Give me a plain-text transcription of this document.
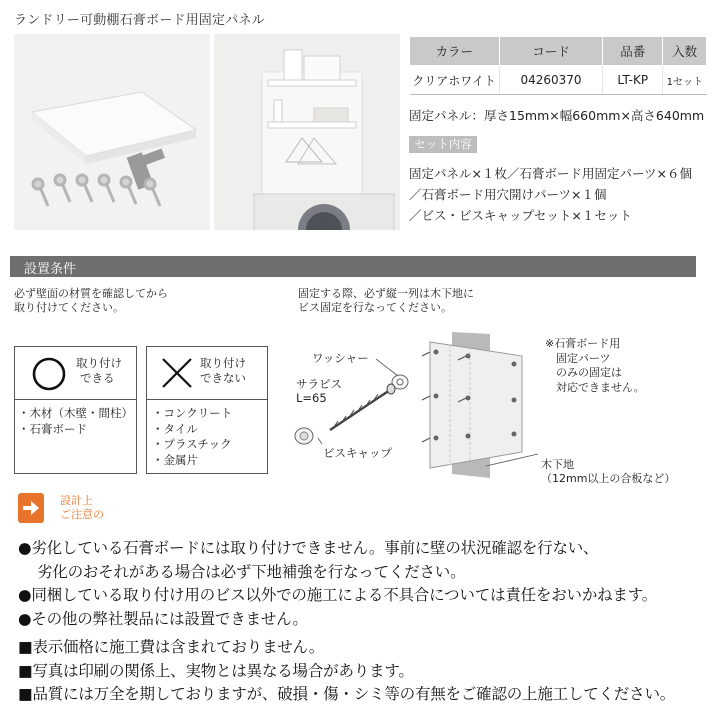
ランドリー可動棚石膏ボード用固定パネル
カラー	コード	品番	入数
クリアホワイト	04260370	LT-KP	1セット
固定パネル：厚さ15mm×幅660mm×高さ640mm
セット内容
固定パネル×１枚／石膏ボード用固定パーツ×６個
／石膏ボード用穴開けパーツ×１個
／ビス・ビスキャップセット×１セット
設置条件
必ず壁面の材質を確認してから
取り付けてください。
固定する際、必ず縦一列は木下地に
ビス固定を行なってください。
取り付け
できる
・木材（木壁・間柱）
・石膏ボード
取り付け
できない
・コンクリート
・タイル
・プラスチック
・金属片
ワッシャー
サラビス
L=65
ビスキャップ
※石膏ボード用
　固定パーツ
　のみの固定は
　対応できません。
木下地
（12mm以上の合板など）
設計上
ご注意の
●劣化している石膏ボードには取り付けできません。事前に壁の状況確認を行ない、
劣化のおそれがある場合は必ず下地補強を行なってください。
●同梱している取り付け用のビス以外での施工による不具合については責任をおいかねます。
●その他の弊社製品には設置できません。
■表示価格に施工費は含まれておりません。
■写真は印刷の関係上、実物とは異なる場合があります。
■品質には万全を期しておりますが、破損・傷・シミ等の有無をご確認の上施工してください。
